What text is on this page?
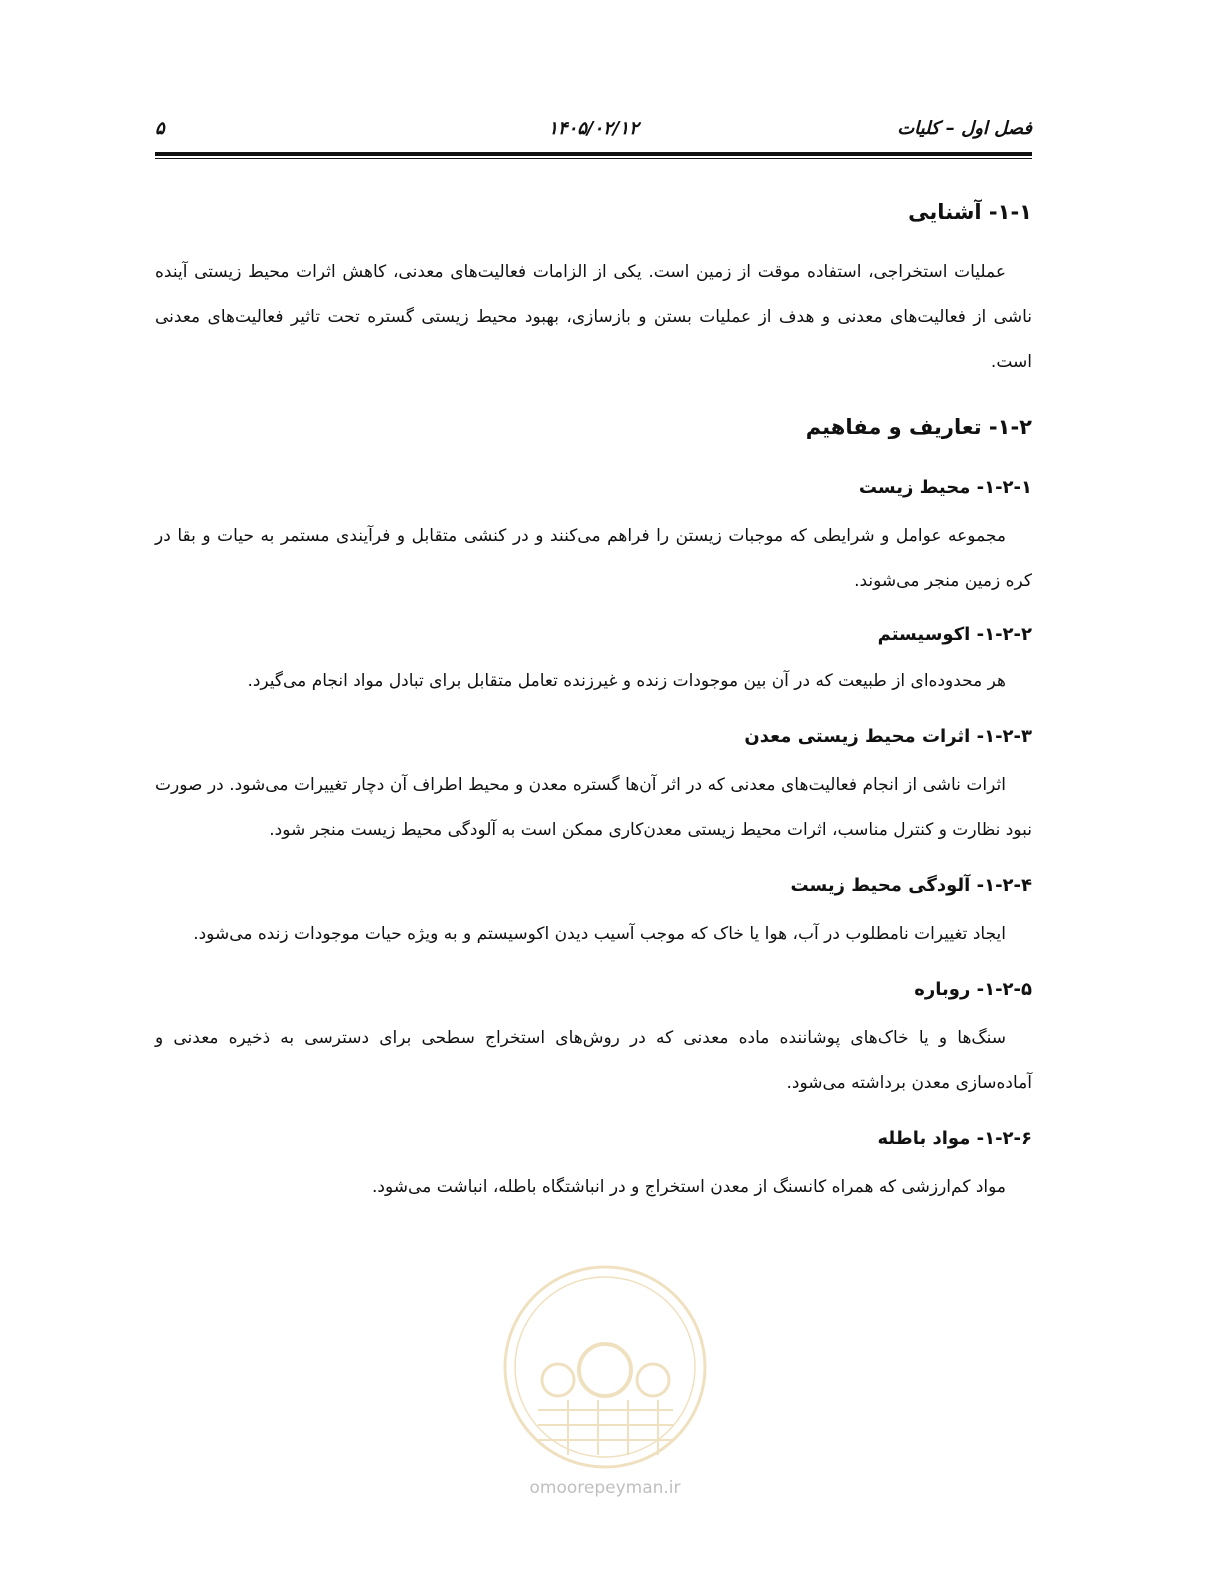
فصل اول – کلیات
۱۴۰۵/۰۲/۱۲
۵
۱-۱- آشنایی

عملیات استخراجی، استفاده موقت از زمین است. یکی از الزامات فعالیت‌های معدنی، کاهش اثرات محیط زیستی آینده ناشی از فعالیت‌های معدنی و هدف از عملیات بستن و بازسازی، بهبود محیط زیستی گستره تحت تاثیر فعالیت‌های معدنی است.

۱-۲- تعاریف و مفاهیم
۱-۲-۱- محیط زیست

مجموعه عوامل و شرایطی که موجبات زیستن را فراهم می‌کنند و در کنشی متقابل و فرآیندی مستمر به حیات و بقا در کره زمین منجر می‌شوند.

۱-۲-۲- اکوسیستم

هر محدوده‌ای از طبیعت که در آن بین موجودات زنده و غیرزنده تعامل متقابل برای تبادل مواد انجام می‌گیرد.

۱-۲-۳- اثرات محیط زیستی معدن

اثرات ناشی از انجام فعالیت‌های معدنی که در اثر آن‌ها گستره معدن و محیط اطراف آن دچار تغییرات می‌شود. در صورت نبود نظارت و کنترل مناسب، اثرات محیط زیستی معدن‌کاری ممکن است به آلودگی محیط زیست منجر شود.

۱-۲-۴- آلودگی محیط زیست

ایجاد تغییرات نامطلوب در آب، هوا یا خاک که موجب آسیب دیدن اکوسیستم و به ویژه حیات موجودات زنده می‌شود.

۱-۲-۵- روباره

سنگ‌ها و یا خاک‌های پوشاننده ماده معدنی که در روش‌های استخراج سطحی برای دسترسی به ذخیره معدنی و آماده‌سازی معدن برداشته می‌شود.

۱-۲-۶- مواد باطله

مواد کم‌ارزشی که همراه کانسنگ از معدن استخراج و در انباشتگاه باطله، انباشت می‌شود.

omoorepeyman.ir
